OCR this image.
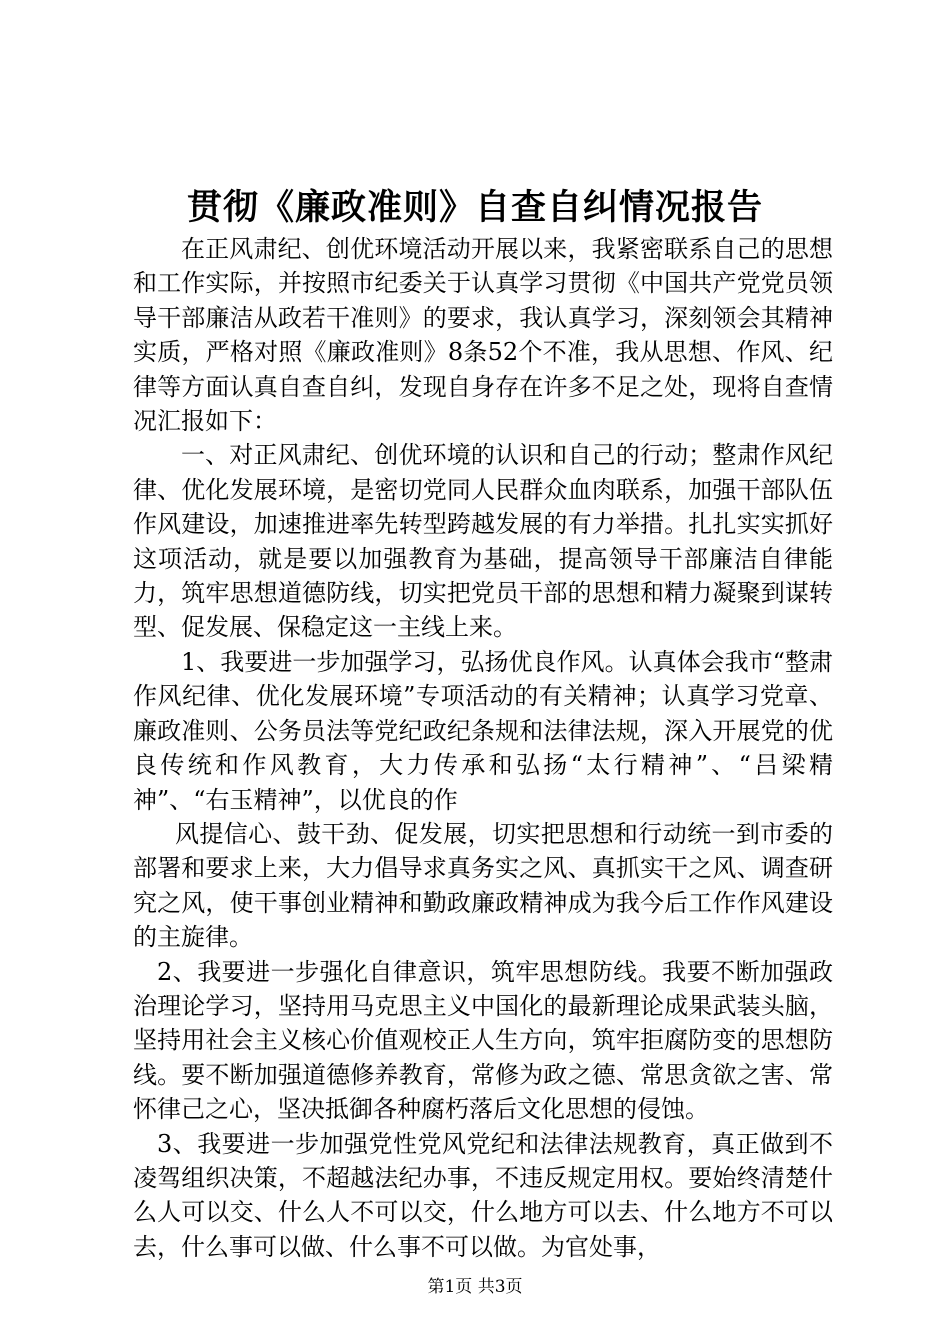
贯彻《廉政准则》自查自纠情况报告

在正风肃纪、创优环境活动开展以来，我紧密联系自己的思想和工作实际，并按照市纪委关于认真学习贯彻《中国共产党党员领导干部廉洁从政若干准则》的要求，我认真学习，深刻领会其精神实质，严格对照《廉政准则》8条52个不准，我从思想、作风、纪律等方面认真自查自纠，发现自身存在许多不足之处，现将自查情况汇报如下：

一、对正风肃纪、创优环境的认识和自己的行动；整肃作风纪律、优化发展环境，是密切党同人民群众血肉联系，加强干部队伍作风建设，加速推进率先转型跨越发展的有力举措。扎扎实实抓好这项活动，就是要以加强教育为基础，提高领导干部廉洁自律能力，筑牢思想道德防线，切实把党员干部的思想和精力凝聚到谋转型、促发展、保稳定这一主线上来。

1、我要进一步加强学习，弘扬优良作风。认真体会我市“整肃作风纪律、优化发展环境”专项活动的有关精神；认真学习党章、廉政准则、公务员法等党纪政纪条规和法律法规，深入开展党的优良传统和作风教育，大力传承和弘扬“太行精神”、“吕梁精神”、“右玉精神”，以优良的作

风提信心、鼓干劲、促发展，切实把思想和行动统一到市委的部署和要求上来，大力倡导求真务实之风、真抓实干之风、调查研究之风，使干事创业精神和勤政廉政精神成为我今后工作作风建设的主旋律。

2、我要进一步强化自律意识，筑牢思想防线。我要不断加强政治理论学习，坚持用马克思主义中国化的最新理论成果武装头脑，坚持用社会主义核心价值观校正人生方向，筑牢拒腐防变的思想防线。要不断加强道德修养教育，常修为政之德、常思贪欲之害、常怀律己之心，坚决抵御各种腐朽落后文化思想的侵蚀。

3、我要进一步加强党性党风党纪和法律法规教育，真正做到不凌驾组织决策，不超越法纪办事，不违反规定用权。要始终清楚什么人可以交、什么人不可以交，什么地方可以去、什么地方不可以去，什么事可以做、什么事不可以做。为官处事，

第1页 共3页
